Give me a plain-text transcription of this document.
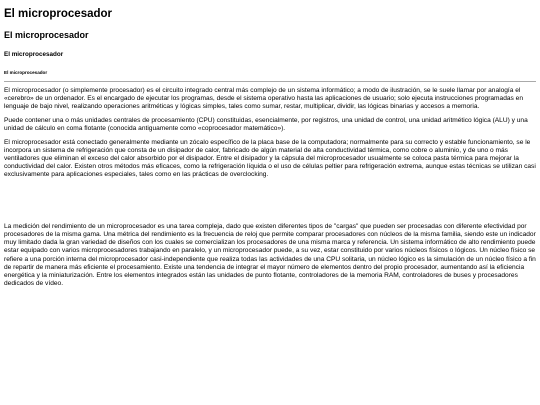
El microprocesador
El microprocesador
El microprocesador
El microprocesador

El microprocesador (o simplemente procesador) es el circuito integrado central más complejo de un sistema informático; a modo de ilustración, se le suele llamar por analogía el «cerebro» de un ordenador. Es el encargado de ejecutar los programas, desde el sistema operativo hasta las aplicaciones de usuario; solo ejecuta instrucciones programadas en lenguaje de bajo nivel, realizando operaciones aritméticas y lógicas simples, tales como sumar, restar, multiplicar, dividir, las lógicas binarias y accesos a memoria.

Puede contener una o más unidades centrales de procesamiento (CPU) constituidas, esencialmente, por registros, una unidad de control, una unidad aritmético lógica (ALU) y una unidad de cálculo en coma flotante (conocida antiguamente como «coprocesador matemático»).

El microprocesador está conectado generalmente mediante un zócalo específico de la placa base de la computadora; normalmente para su correcto y estable funcionamiento, se le incorpora un sistema de refrigeración que consta de un disipador de calor, fabricado de algún material de alta conductividad térmica, como cobre o aluminio, y de uno o más ventiladores que eliminan el exceso del calor absorbido por el disipador. Entre el disipador y la cápsula del microprocesador usualmente se coloca pasta térmica para mejorar la conductividad del calor. Existen otros métodos más eficaces, como la refrigeración líquida o el uso de células peltier para refrigeración extrema, aunque estas técnicas se utilizan casi exclusivamente para aplicaciones especiales, tales como en las prácticas de overclocking.

La medición del rendimiento de un microprocesador es una tarea compleja, dado que existen diferentes tipos de "cargas" que pueden ser procesadas con diferente efectividad por procesadores de la misma gama. Una métrica del rendimiento es la frecuencia de reloj que permite comparar procesadores con núcleos de la misma familia, siendo este un indicador muy limitado dada la gran variedad de diseños con los cuales se comercializan los procesadores de una misma marca y referencia. Un sistema informático de alto rendimiento puede estar equipado con varios microprocesadores trabajando en paralelo, y un microprocesador puede, a su vez, estar constituido por varios núcleos físicos o lógicos. Un núcleo físico se refiere a una porción interna del microprocesador casi-independiente que realiza todas las actividades de una CPU solitaria, un núcleo lógico es la simulación de un núcleo físico a fin de repartir de manera más eficiente el procesamiento. Existe una tendencia de integrar el mayor número de elementos dentro del propio procesador, aumentando así la eficiencia energética y la miniaturización. Entre los elementos integrados están las unidades de punto flotante, controladores de la memoria RAM, controladores de buses y procesadores dedicados de vídeo.
